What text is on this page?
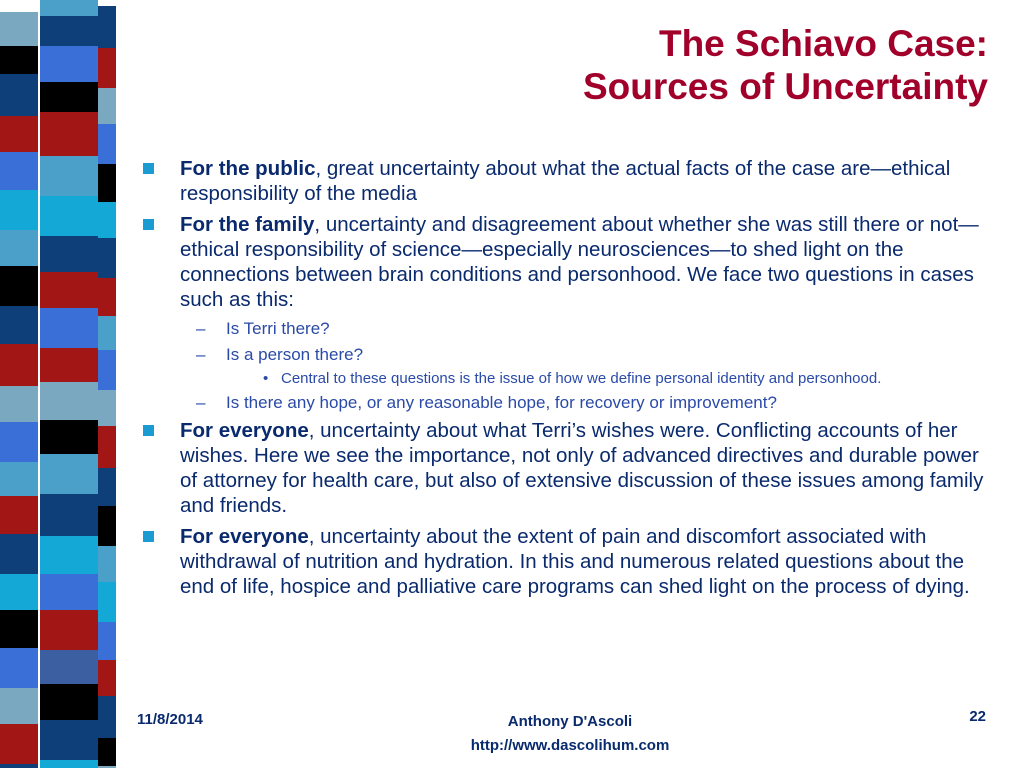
The Schiavo Case:
Sources of Uncertainty
For the public, great uncertainty about what the actual facts of the case are—ethical responsibility of the media
For the family, uncertainty and disagreement about whether she was still there or not—ethical responsibility of science—especially neurosciences—to shed light on the connections between brain conditions and personhood. We face two questions in cases such as this:
– Is Terri there?
– Is a person there?
• Central to these questions is the issue of how we define personal identity and personhood.
– Is there any hope, or any reasonable hope, for recovery or improvement?
For everyone, uncertainty about what Terri’s wishes were. Conflicting accounts of her wishes. Here we see the importance, not only of advanced directives and durable power of attorney for health care, but also of extensive discussion of these issues among family and friends.
For everyone, uncertainty about the extent of pain and discomfort associated with withdrawal of nutrition and hydration. In this and numerous related questions about the end of life, hospice and palliative care programs can shed light on the process of dying.
11/8/2014	Anthony D'Ascoli
http://www.dascolihum.com
22
